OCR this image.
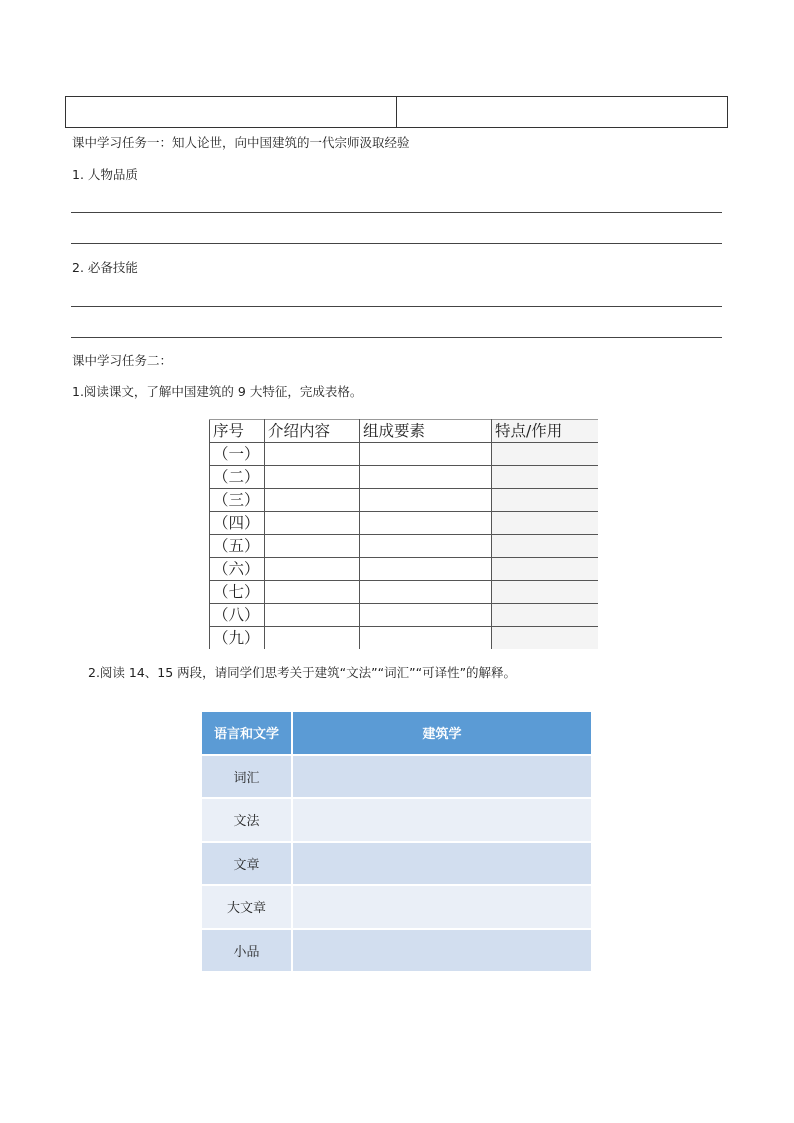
课中学习任务一：知人论世，向中国建筑的一代宗师汲取经验
1. 人物品质
2. 必备技能
课中学习任务二：
1.阅读课文，了解中国建筑的 9 大特征，完成表格。
序号	介绍内容	组成要素	特点/作用
（一）			
（二）			
（三）			
（四）			
（五）			
（六）			
（七）			
（八）			
（九）			
2.阅读 14、15 两段，请同学们思考关于建筑“文法”“词汇”“可译性”的解释。
语言和文学	建筑学
词汇
文法
文章
大文章
小品
